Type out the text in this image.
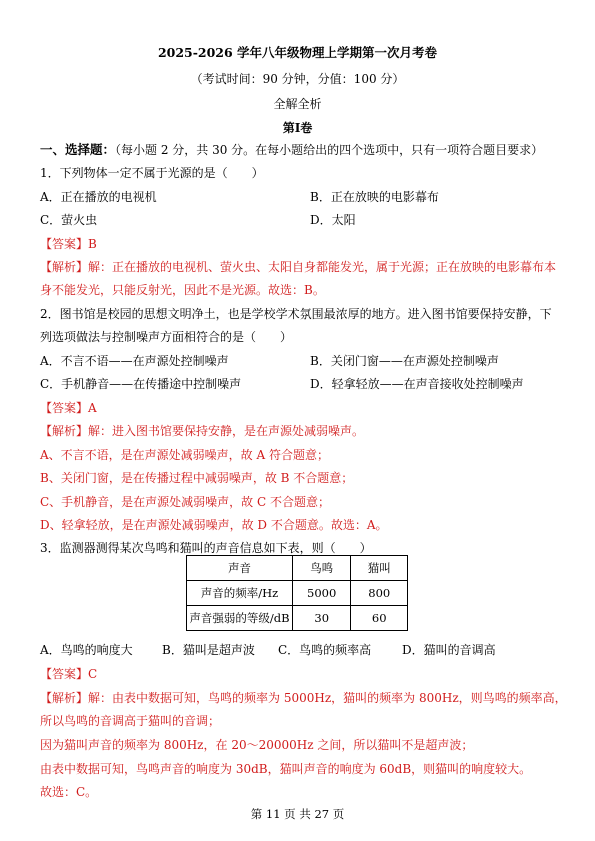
2025-2026 学年八年级物理上学期第一次月考卷
（考试时间：90 分钟，分值：100 分）
全解全析
第Ⅰ卷
一、选择题：（每小题 2 分，共 30 分。在每小题给出的四个选项中，只有一项符合题目要求）
1．下列物体一定不属于光源的是（　　）
A．正在播放的电视机	B．正在放映的电影幕布
C．萤火虫	D．太阳
【答案】B
【解析】解：正在播放的电视机、萤火虫、太阳自身都能发光，属于光源；正在放映的电影幕布本
身不能发光，只能反射光，因此不是光源。故选：B。
2．图书馆是校园的思想文明净土，也是学校学术氛围最浓厚的地方。进入图书馆要保持安静，下
列选项做法与控制噪声方面相符合的是（　　）
A．不言不语——在声源处控制噪声	B．关闭门窗——在声源处控制噪声
C．手机静音——在传播途中控制噪声	D．轻拿轻放——在声音接收处控制噪声
【答案】A
【解析】解：进入图书馆要保持安静，是在声源处减弱噪声。
A、不言不语，是在声源处减弱噪声，故 A 符合题意；
B、关闭门窗，是在传播过程中减弱噪声，故 B 不合题意；
C、手机静音，是在声源处减弱噪声，故 C 不合题意；
D、轻拿轻放，是在声源处减弱噪声，故 D 不合题意。故选：A。
3．监测器测得某次鸟鸣和猫叫的声音信息如下表，则（　　）
声音	鸟鸣	猫叫
声音的频率/Hz	5000	800
声音强弱的等级/dB	30	60
A．鸟鸣的响度大 B．猫叫是超声波 C．鸟鸣的频率高	D．猫叫的音调高
【答案】C
【解析】解：由表中数据可知，鸟鸣的频率为 5000Hz，猫叫的频率为 800Hz，则鸟鸣的频率高，
所以鸟鸣的音调高于猫叫的音调；
因为猫叫声音的频率为 800Hz，在 20～20000Hz 之间，所以猫叫不是超声波；
由表中数据可知，鸟鸣声音的响度为 30dB，猫叫声音的响度为 60dB，则猫叫的响度较大。
故选：C。
第 11 页 共 27 页
